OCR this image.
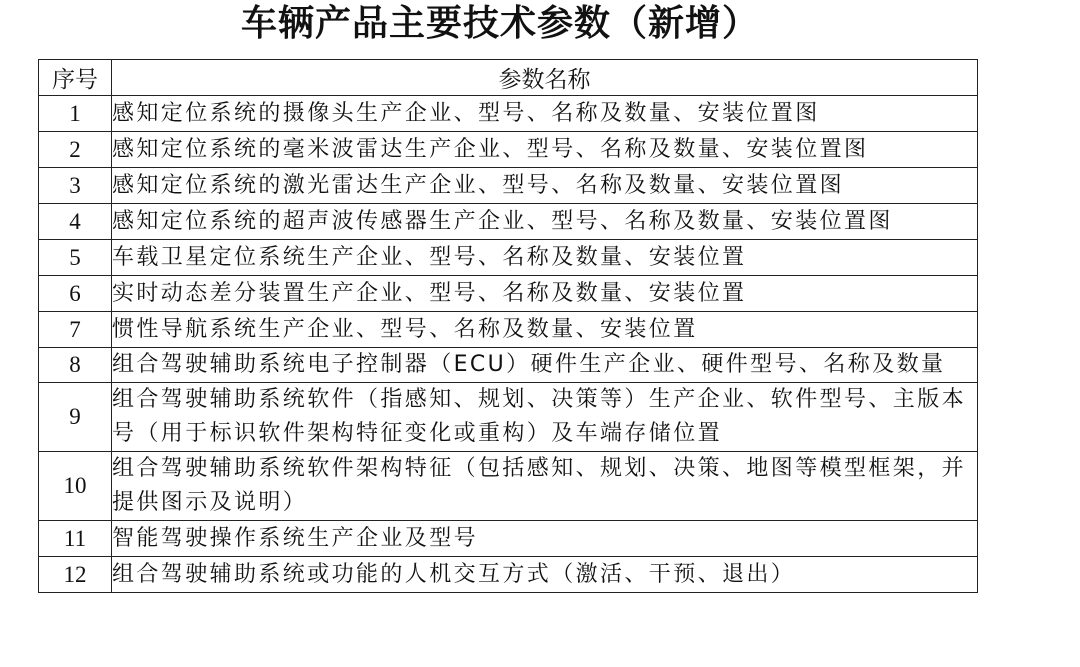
车辆产品主要技术参数（新增）
序号	参数名称
1	感知定位系统的摄像头生产企业、型号、名称及数量、安装位置图
2	感知定位系统的毫米波雷达生产企业、型号、名称及数量、安装位置图
3	感知定位系统的激光雷达生产企业、型号、名称及数量、安装位置图
4	感知定位系统的超声波传感器生产企业、型号、名称及数量、安装位置图
5	车载卫星定位系统生产企业、型号、名称及数量、安装位置
6	实时动态差分装置生产企业、型号、名称及数量、安装位置
7	惯性导航系统生产企业、型号、名称及数量、安装位置
8	组合驾驶辅助系统电子控制器（ECU）硬件生产企业、硬件型号、名称及数量
9	组合驾驶辅助系统软件（指感知、规划、决策等）生产企业、软件型号、主版本号（用于标识软件架构特征变化或重构）及车端存储位置
10	组合驾驶辅助系统软件架构特征（包括感知、规划、决策、地图等模型框架，并提供图示及说明）
11	智能驾驶操作系统生产企业及型号
12	组合驾驶辅助系统或功能的人机交互方式（激活、干预、退出）
